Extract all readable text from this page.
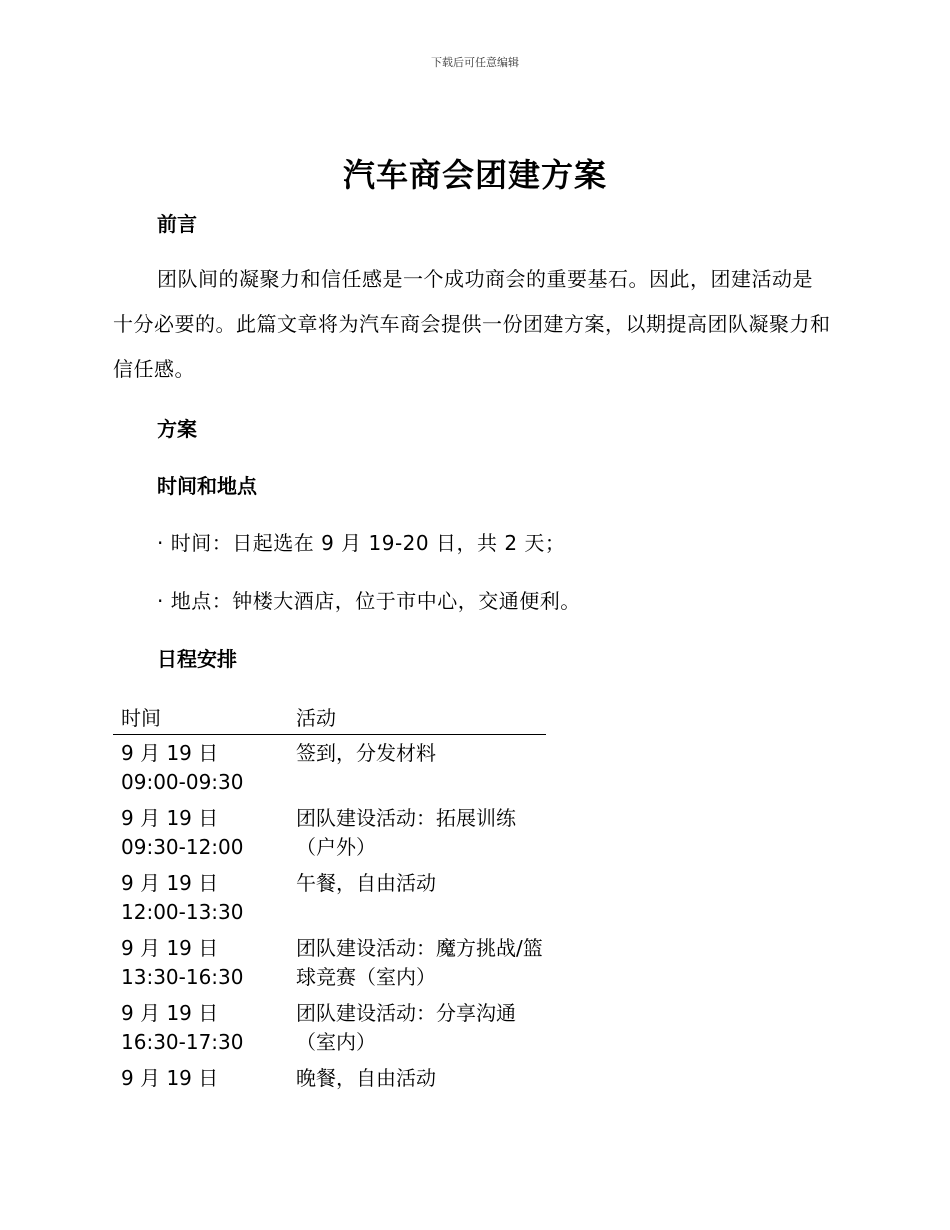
下载后可任意编辑
汽车商会团建方案
前言
团队间的凝聚力和信任感是一个成功商会的重要基石。因此，团建活动是十分必要的。此篇文章将为汽车商会提供一份团建方案，以期提高团队凝聚力和信任感。
方案
时间和地点
· 时间：日起选在 9 月 19-20 日，共 2 天；
· 地点：钟楼大酒店，位于市中心，交通便利。
日程安排
时间	活动

9 月 19 日
09:00-09:30	签到，分发材料

9 月 19 日
09:30-12:00	团队建设活动：拓展训练（户外）

9 月 19 日
12:00-13:30	午餐，自由活动

9 月 19 日
13:30-16:30	团队建设活动：魔方挑战/篮球竞赛（室内）

9 月 19 日
16:30-17:30	团队建设活动：分享沟通（室内）

9 月 19 日	晚餐，自由活动
